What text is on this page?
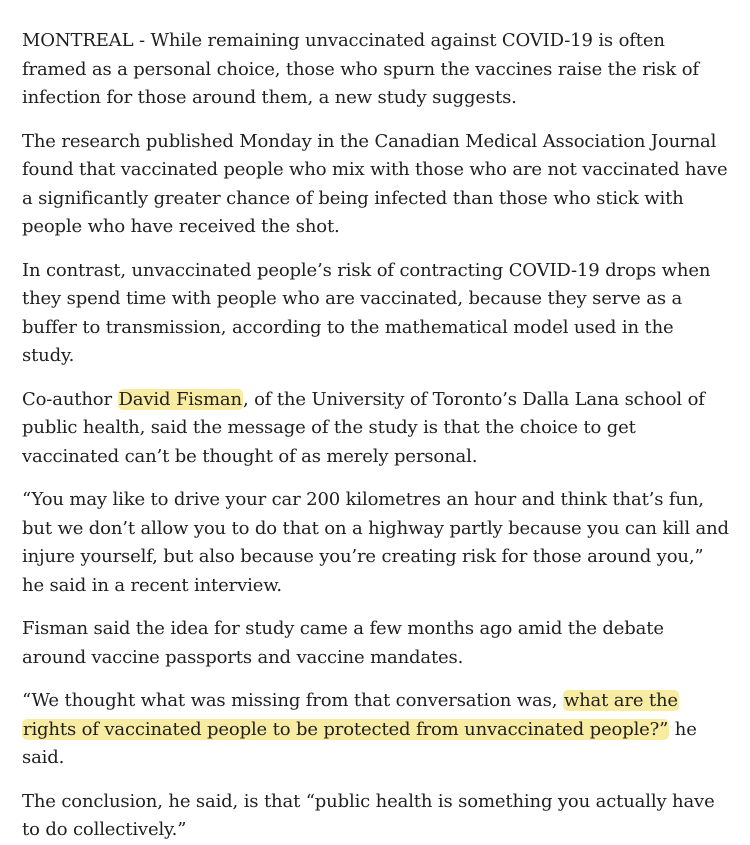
MONTREAL - While remaining unvaccinated against COVID-19 is often framed as a personal choice, those who spurn the vaccines raise the risk of infection for those around them, a new study suggests.

The research published Monday in the Canadian Medical Association Journal found that vaccinated people who mix with those who are not vaccinated have a significantly greater chance of being infected than those who stick with people who have received the shot.

In contrast, unvaccinated people’s risk of contracting COVID-19 drops when they spend time with people who are vaccinated, because they serve as a buffer to transmission, according to the mathematical model used in the study.

Co-author David Fisman, of the University of Toronto’s Dalla Lana school of public health, said the message of the study is that the choice to get vaccinated can’t be thought of as merely personal.

“You may like to drive your car 200 kilometres an hour and think that’s fun, but we don’t allow you to do that on a highway partly because you can kill and injure yourself, but also because you’re creating risk for those around you,” he said in a recent interview.

Fisman said the idea for study came a few months ago amid the debate around vaccine passports and vaccine mandates.

“We thought what was missing from that conversation was, what are the rights of vaccinated people to be protected from unvaccinated people?” he said.

The conclusion, he said, is that “public health is something you actually have to do collectively.”
